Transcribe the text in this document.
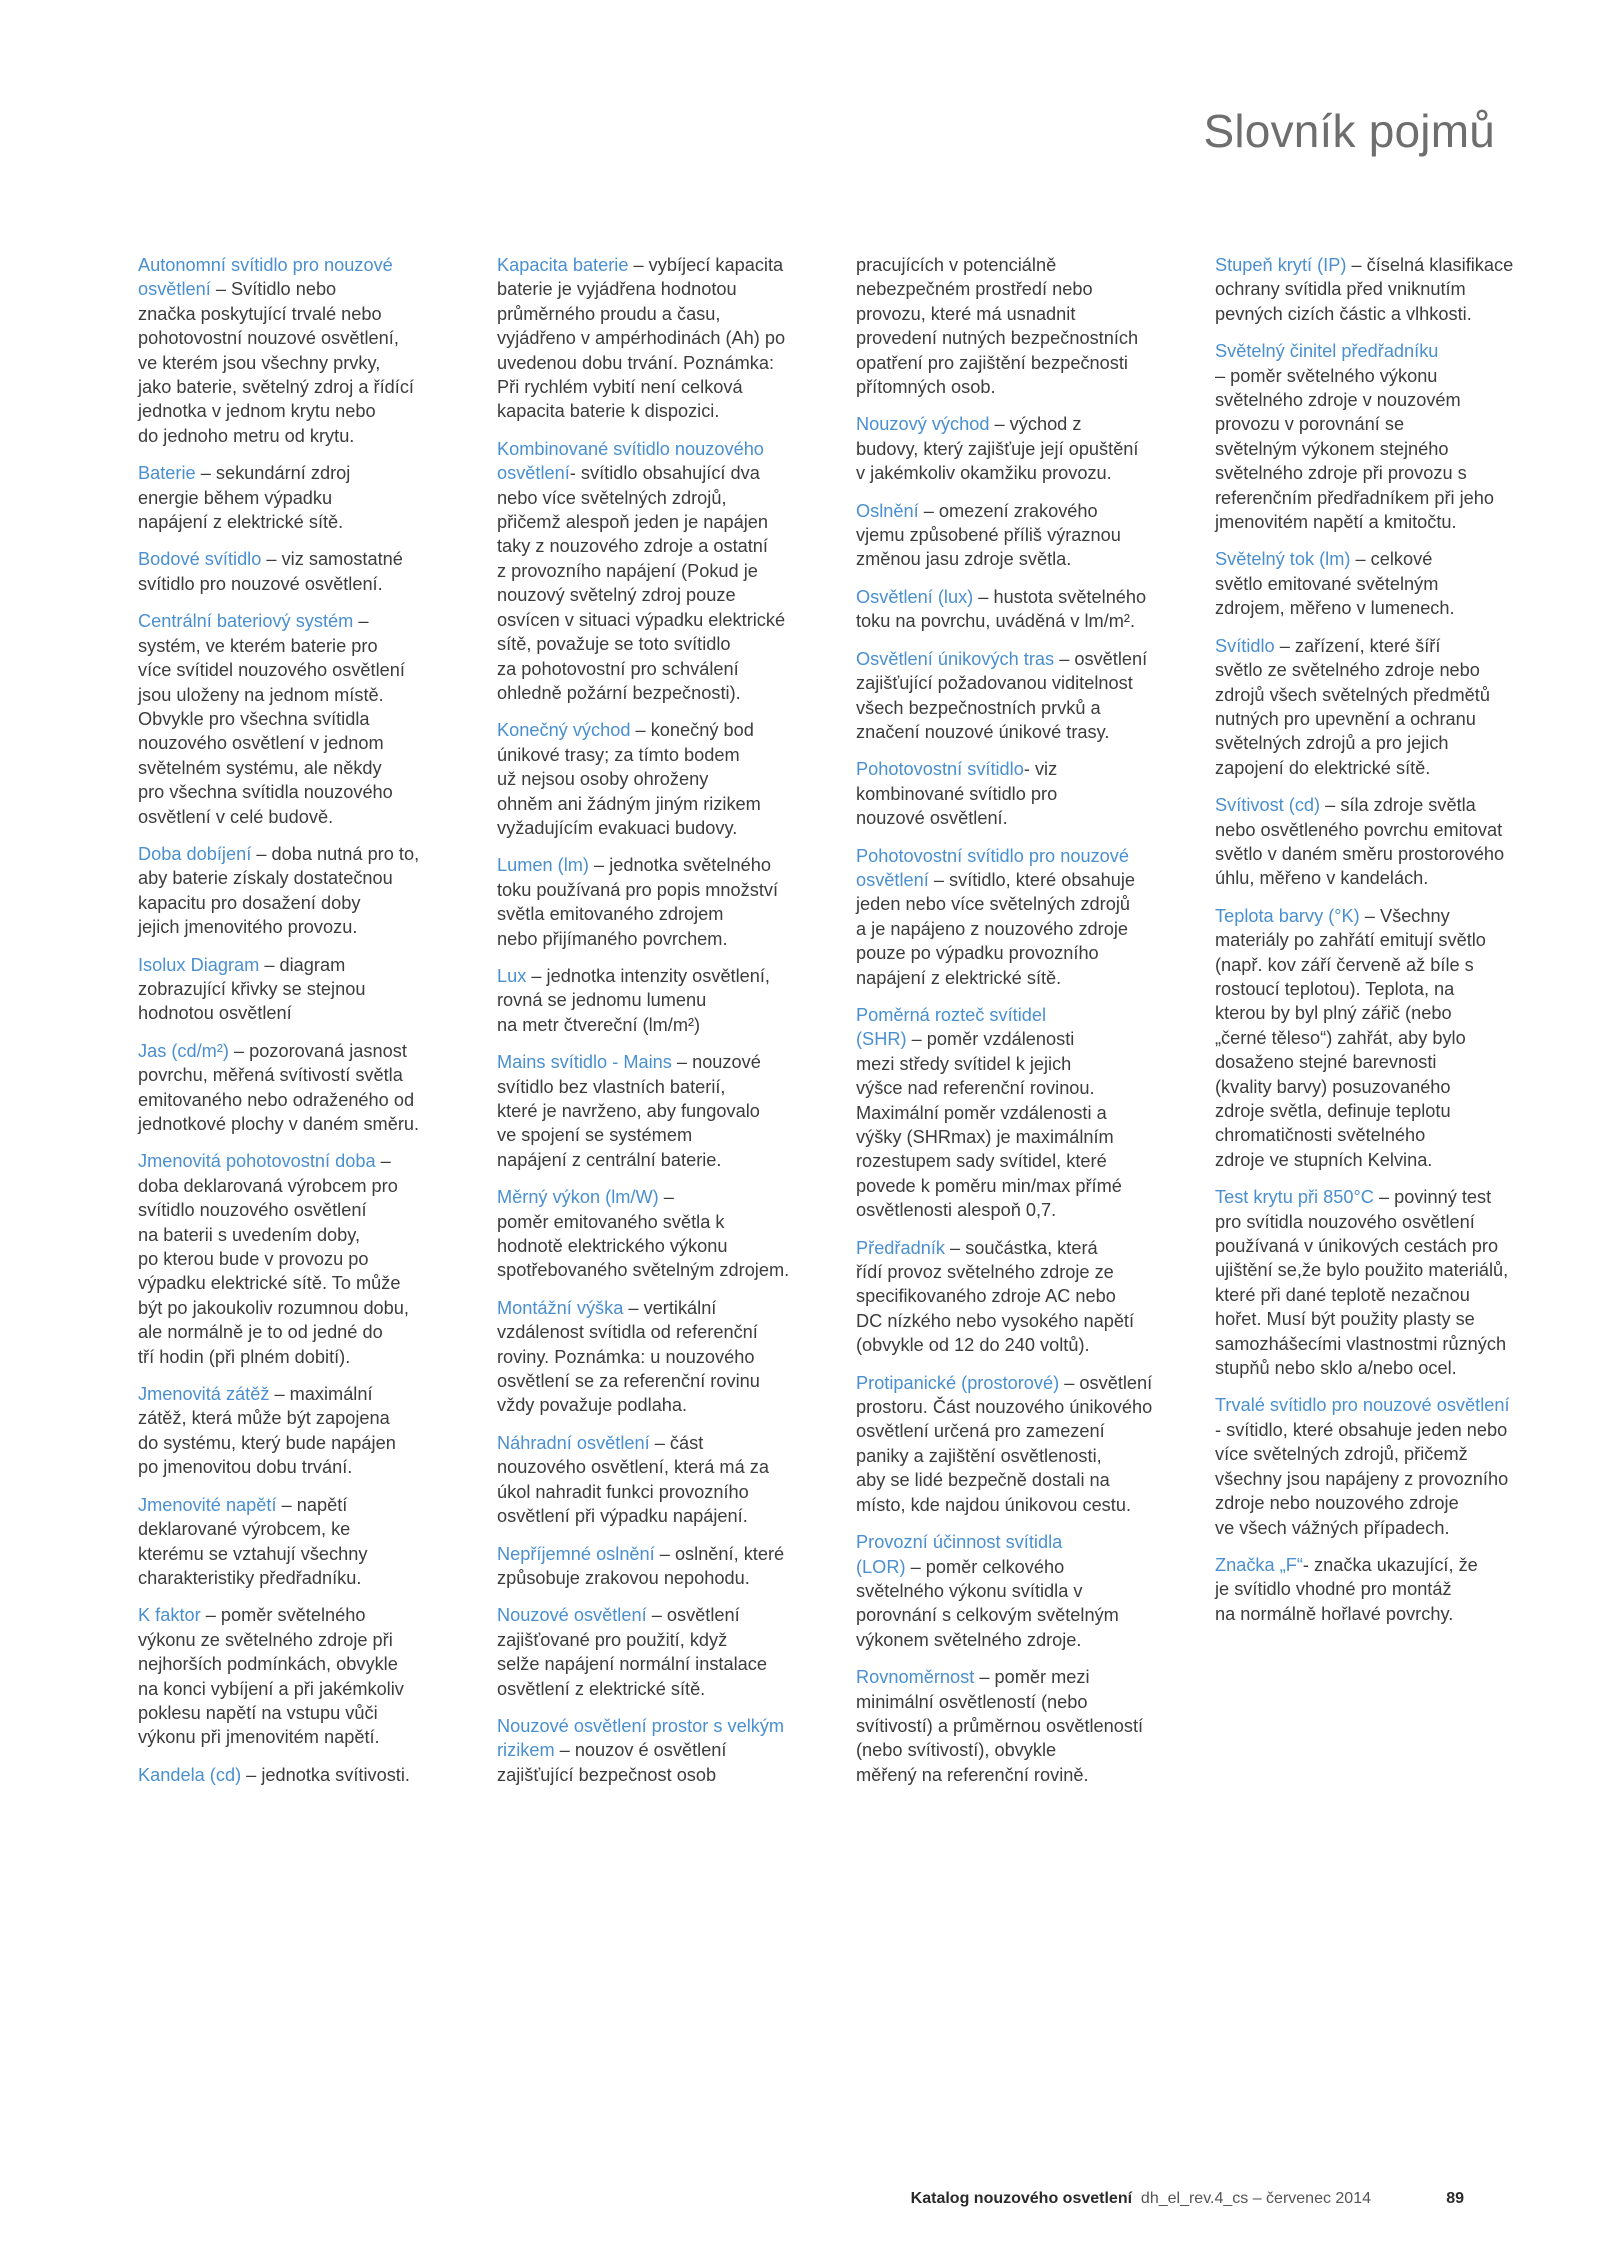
Slovník pojmů

Autonomní svítidlo pro nouzové
osvětlení – Svítidlo nebo
značka poskytující trvalé nebo
pohotovostní nouzové osvětlení,
ve kterém jsou všechny prvky,
jako baterie, světelný zdroj a řídící
jednotka v jednom krytu nebo
do jednoho metru od krytu.

Baterie – sekundární zdroj
energie během výpadku
napájení z elektrické sítě.

Bodové svítidlo – viz samostatné
svítidlo pro nouzové osvětlení.

Centrální bateriový systém –
systém, ve kterém baterie pro
více svítidel nouzového osvětlení
jsou uloženy na jednom místě.
Obvykle pro všechna svítidla
nouzového osvětlení v jednom
světelném systému, ale někdy
pro všechna svítidla nouzového
osvětlení v celé budově.

Doba dobíjení – doba nutná pro to,
aby baterie získaly dostatečnou
kapacitu pro dosažení doby
jejich jmenovitého provozu.

Isolux Diagram – diagram
zobrazující křivky se stejnou
hodnotou osvětlení

Jas (cd/m²) – pozorovaná jasnost
povrchu, měřená svítivostí světla
emitovaného nebo odraženého od
jednotkové plochy v daném směru.

Jmenovitá pohotovostní doba –
doba deklarovaná výrobcem pro
svítidlo nouzového osvětlení
na baterii s uvedením doby,
po kterou bude v provozu po
výpadku elektrické sítě. To může
být po jakoukoliv rozumnou dobu,
ale normálně je to od jedné do
tří hodin (při plném dobití).

Jmenovitá zátěž – maximální
zátěž, která může být zapojena
do systému, který bude napájen
po jmenovitou dobu trvání.

Jmenovité napětí – napětí
deklarované výrobcem, ke
kterému se vztahují všechny
charakteristiky předřadníku.

K faktor – poměr světelného
výkonu ze světelného zdroje při
nejhorších podmínkách, obvykle
na konci vybíjení a při jakémkoliv
poklesu napětí na vstupu vůči
výkonu při jmenovitém napětí.

Kandela (cd) – jednotka svítivosti.

Kapacita baterie – vybíjecí kapacita
baterie je vyjádřena hodnotou
průměrného proudu a času,
vyjádřeno v ampérhodinách (Ah) po
uvedenou dobu trvání. Poznámka:
Při rychlém vybití není celková
kapacita baterie k dispozici.

Kombinované svítidlo nouzového
osvětlení- svítidlo obsahující dva
nebo více světelných zdrojů,
přičemž alespoň jeden je napájen
taky z nouzového zdroje a ostatní
z provozního napájení (Pokud je
nouzový světelný zdroj pouze
osvícen v situaci výpadku elektrické
sítě, považuje se toto svítidlo
za pohotovostní pro schválení
ohledně požární bezpečnosti).

Konečný východ – konečný bod
únikové trasy; za tímto bodem
už nejsou osoby ohroženy
ohněm ani žádným jiným rizikem
vyžadujícím evakuaci budovy.

Lumen (lm) – jednotka světelného
toku používaná pro popis množství
světla emitovaného zdrojem
nebo přijímaného povrchem.

Lux – jednotka intenzity osvětlení,
rovná se jednomu lumenu
na metr čtvereční (lm/m²)

Mains svítidlo - Mains – nouzové
svítidlo bez vlastních baterií,
které je navrženo, aby fungovalo
ve spojení se systémem
napájení z centrální baterie.

Měrný výkon (lm/W) –
poměr emitovaného světla k
hodnotě elektrického výkonu
spotřebovaného světelným zdrojem.

Montážní výška – vertikální
vzdálenost svítidla od referenční
roviny. Poznámka: u nouzového
osvětlení se za referenční rovinu
vždy považuje podlaha.

Náhradní osvětlení – část
nouzového osvětlení, která má za
úkol nahradit funkci provozního
osvětlení při výpadku napájení.

Nepříjemné oslnění – oslnění, které
způsobuje zrakovou nepohodu.

Nouzové osvětlení – osvětlení
zajišťované pro použití, když
selže napájení normální instalace
osvětlení z elektrické sítě.

Nouzové osvětlení prostor s velkým
rizikem – nouzov é osvětlení
zajišťující bezpečnost osob

pracujících v potenciálně
nebezpečném prostředí nebo
provozu, které má usnadnit
provedení nutných bezpečnostních
opatření pro zajištění bezpečnosti
přítomných osob.

Nouzový východ – východ z
budovy, který zajišťuje její opuštění
v jakémkoliv okamžiku provozu.

Oslnění – omezení zrakového
vjemu způsobené příliš výraznou
změnou jasu zdroje světla.

Osvětlení (lux) – hustota světelného
toku na povrchu, uváděná v lm/m².

Osvětlení únikových tras – osvětlení
zajišťující požadovanou viditelnost
všech bezpečnostních prvků a
značení nouzové únikové trasy.

Pohotovostní svítidlo- viz
kombinované svítidlo pro
nouzové osvětlení.

Pohotovostní svítidlo pro nouzové
osvětlení – svítidlo, které obsahuje
jeden nebo více světelných zdrojů
a je napájeno z nouzového zdroje
pouze po výpadku provozního
napájení z elektrické sítě.

Poměrná rozteč svítidel
(SHR) – poměr vzdálenosti
mezi středy svítidel k jejich
výšce nad referenční rovinou.
Maximální poměr vzdálenosti a
výšky (SHRmax) je maximálním
rozestupem sady svítidel, které
povede k poměru min/max přímé
osvětlenosti alespoň 0,7.

Předřadník – součástka, která
řídí provoz světelného zdroje ze
specifikovaného zdroje AC nebo
DC nízkého nebo vysokého napětí
(obvykle od 12 do 240 voltů).

Protipanické (prostorové) – osvětlení
prostoru. Část nouzového únikového
osvětlení určená pro zamezení
paniky a zajištění osvětlenosti,
aby se lidé bezpečně dostali na
místo, kde najdou únikovou cestu.

Provozní účinnost svítidla
(LOR) – poměr celkového
světelného výkonu svítidla v
porovnání s celkovým světelným
výkonem světelného zdroje.

Rovnoměrnost – poměr mezi
minimální osvětleností (nebo
svítivostí) a průměrnou osvětleností
(nebo svítivostí), obvykle
měřený na referenční rovině.

Stupeň krytí (IP) – číselná klasifikace
ochrany svítidla před vniknutím
pevných cizích částic a vlhkosti.

Světelný činitel předřadníku
– poměr světelného výkonu
světelného zdroje v nouzovém
provozu v porovnání se
světelným výkonem stejného
světelného zdroje při provozu s
referenčním předřadníkem při jeho
jmenovitém napětí a kmitočtu.

Světelný tok (lm) – celkové
světlo emitované světelným
zdrojem, měřeno v lumenech.

Svítidlo – zařízení, které šíří
světlo ze světelného zdroje nebo
zdrojů všech světelných předmětů
nutných pro upevnění a ochranu
světelných zdrojů a pro jejich
zapojení do elektrické sítě.

Svítivost (cd) – síla zdroje světla
nebo osvětleného povrchu emitovat
světlo v daném směru prostorového
úhlu, měřeno v kandelách.

Teplota barvy (°K) – Všechny
materiály po zahřátí emitují světlo
(např. kov září červeně až bíle s
rostoucí teplotou). Teplota, na
kterou by byl plný zářič (nebo
„černé těleso“) zahřát, aby bylo
dosaženo stejné barevnosti
(kvality barvy) posuzovaného
zdroje světla, definuje teplotu
chromatičnosti světelného
zdroje ve stupních Kelvina.

Test krytu při 850°C – povinný test
pro svítidla nouzového osvětlení
používaná v únikových cestách pro
ujištění se,že bylo použito materiálů,
které při dané teplotě nezačnou
hořet. Musí být použity plasty se
samozhášecími vlastnostmi různých
stupňů nebo sklo a/nebo ocel.

Trvalé svítidlo pro nouzové osvětlení
- svítidlo, které obsahuje jeden nebo
více světelných zdrojů, přičemž
všechny jsou napájeny z provozního
zdroje nebo nouzového zdroje
ve všech vážných případech.

Značka „F“- značka ukazující, že
je svítidlo vhodné pro montáž
na normálně hořlavé povrchy.

Katalog nouzového osvetlení dh_el_rev.4_cs – červenec 2014	89
